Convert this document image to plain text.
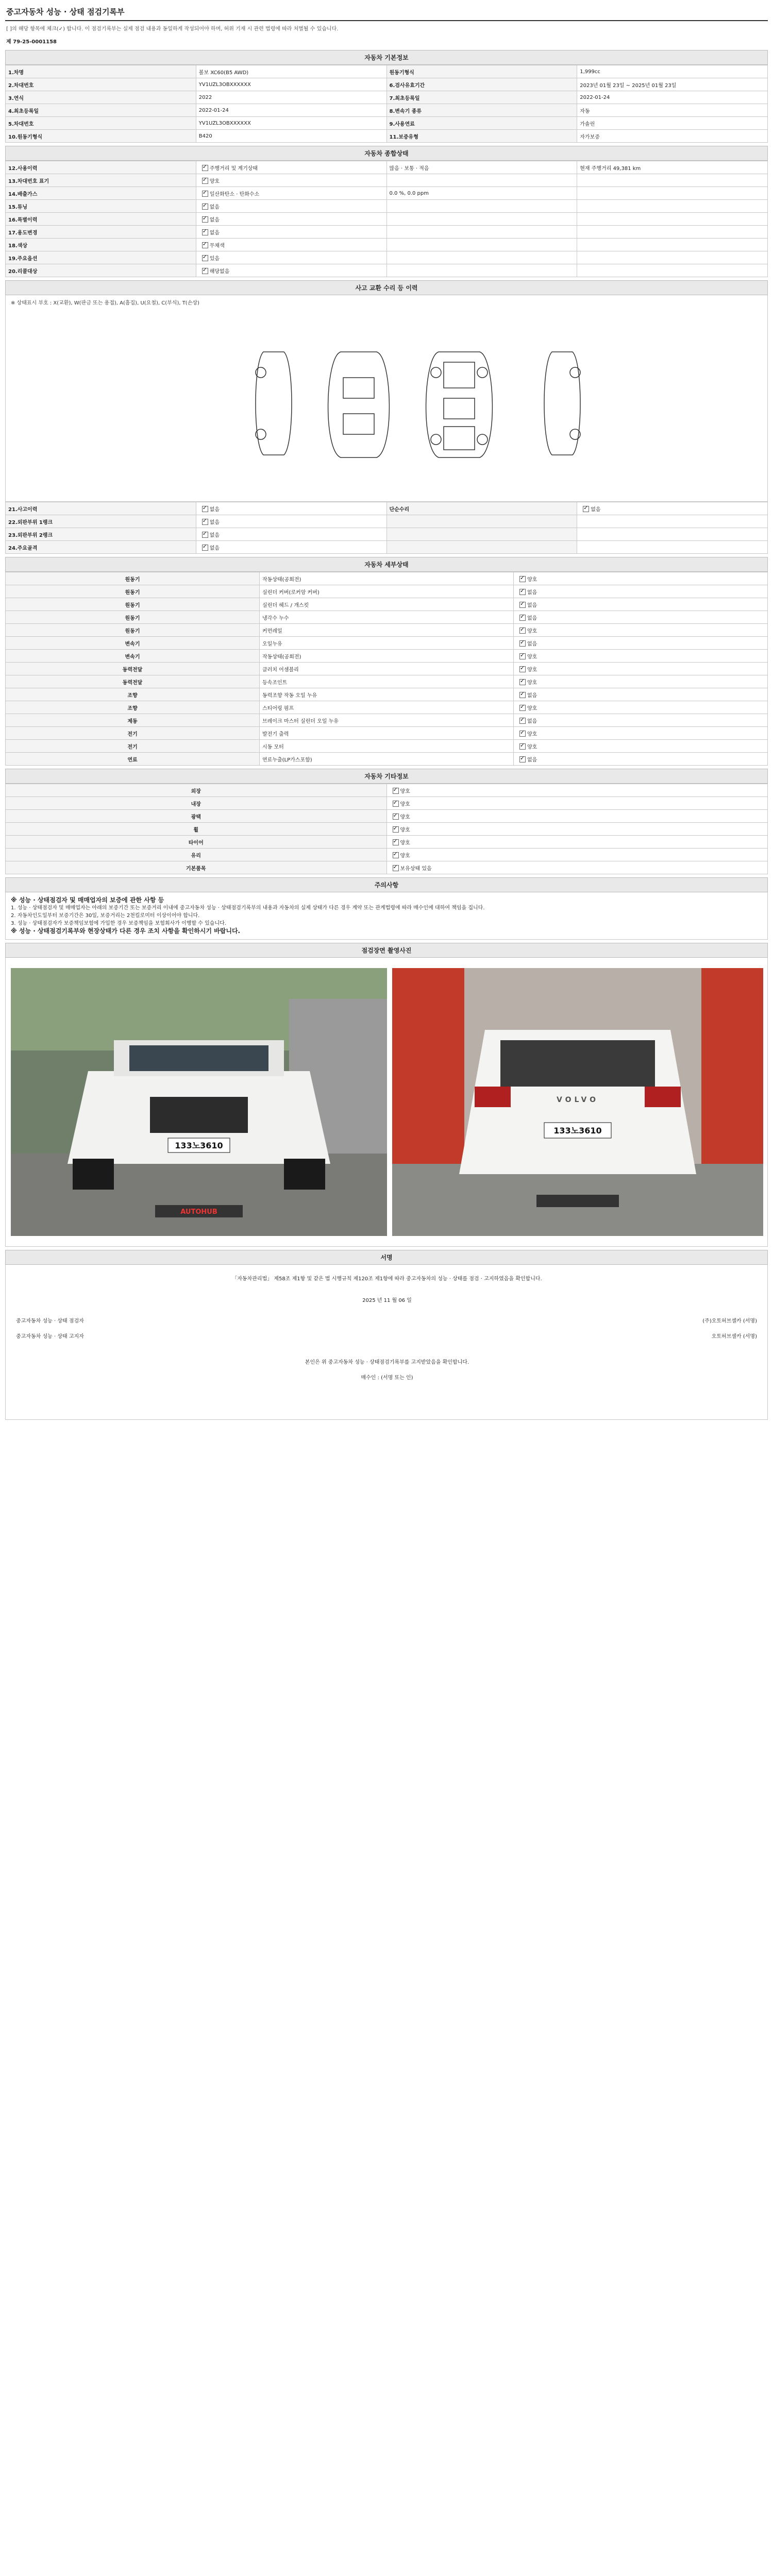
중고자동차 성능 · 상태 점검기록부
[ ]의 해당 항목에 체크(✓) 합니다. 이 점검기록부는 실제 점검 내용과 동일하게 작성되어야 하며, 허위 기재 시 관련 법령에 따라 처벌될 수 있습니다.
제 79-25-0001158
자동차 기본정보
1.차명	볼보 XC60(B5 AWD)	원동기형식	1,999cc
2.차대번호	YV1UZL3OBXXXXXX	6.검사유효기간	2023년 01월 23일 ~ 2025년 01월 23일
3.연식	2022	7.최초등록일	2022-01-24
4.최초등록일	2022-01-24	8.변속기 종류	자동
5.차대번호	YV1UZL3OBXXXXXX	9.사용연료	가솔린
10.원동기형식	B420	11.보증유형	자가보증
자동차 종합상태
12.사용이력	✓주행거리 및 계기상태	많음 · 보통 · 적음	현재 주행거리 49,381 km
13.차대번호 표기	✓양호		
14.배출가스	✓일산화탄소 · 탄화수소	0.0 %, 0.0 ppm	
15.튜닝	✓없음		
16.특별이력	✓없음		
17.용도변경	✓없음		
18.색상	✓무채색		
19.주요옵션	✓있음		
20.리콜대상	✓해당없음		
사고 교환 수리 등 이력
※ 상태표시 부호 : X(교환), W(판금 또는 용접), A(흠집), U(요철), C(부식), T(손상)
21.사고이력	✓없음	단순수리	✓없음
22.외판부위 1랭크	✓없음		
23.외판부위 2랭크	✓없음		
24.주요골격	✓없음		
자동차 세부상태
원동기	작동상태(공회전)	✓양호
원동기	실린더 커버(로커암 커버)	✓없음
원동기	실린더 헤드 / 개스킷	✓없음
원동기	냉각수 누수	✓없음
원동기	커먼레일	✓양호
변속기	오일누유	✓없음
변속기	작동상태(공회전)	✓양호
동력전달	클러치 어셈블리	✓양호
동력전달	등속조인트	✓양호
조향	동력조향 작동 오일 누유	✓없음
조향	스티어링 펌프	✓양호
제동	브레이크 마스터 실린더 오일 누유	✓없음
전기	발전기 출력	✓양호
전기	시동 모터	✓양호
연료	연료누출(LP가스포함)	✓없음
자동차 기타정보
외장	✓양호
내장	✓양호
광택	✓양호
휠	✓양호
타이어	✓양호
유리	✓양호
기본품목	✓보유상태 있음
주의사항
※ 성능 · 상태점검자 및 매매업자의 보증에 관한 사항 등
1. 성능 · 상태점검자 및 매매업자는 아래의 보증기간 또는 보증거리 이내에 중고자동차 성능 · 상태점검기록부의 내용과 자동차의 실제 상태가 다른 경우 계약 또는 관계법령에 따라 매수인에 대하여 책임을 집니다.
2. 자동차인도일부터 보증기간은 30일, 보증거리는 2천킬로미터 이상이어야 합니다.
3. 성능 · 상태점검자가 보증책임보험에 가입한 경우 보증책임을 보험회사가 이행할 수 있습니다.
※ 성능 · 상태점검기록부와 현장상태가 다른 경우 조치 사항을 확인하시기 바랍니다.
점검장면 촬영사진
133노3610
AUTOHUB
VOLVO
133노3610
서명
「자동차관리법」 제58조 제1항 및 같은 법 시행규칙 제120조 제1항에 따라 중고자동차의 성능 · 상태를 점검 · 고지하였음을 확인합니다.
2025 년 11 월 06 일
중고자동차 성능 · 상태 점검자	(주)오토허브셀카 (서명)
중고자동차 성능 · 상태 고지자	오토허브셀카 (서명)
본인은 위 중고자동차 성능 · 상태점검기록부를 고지받았음을 확인합니다.
매수인 : (서명 또는 인)
